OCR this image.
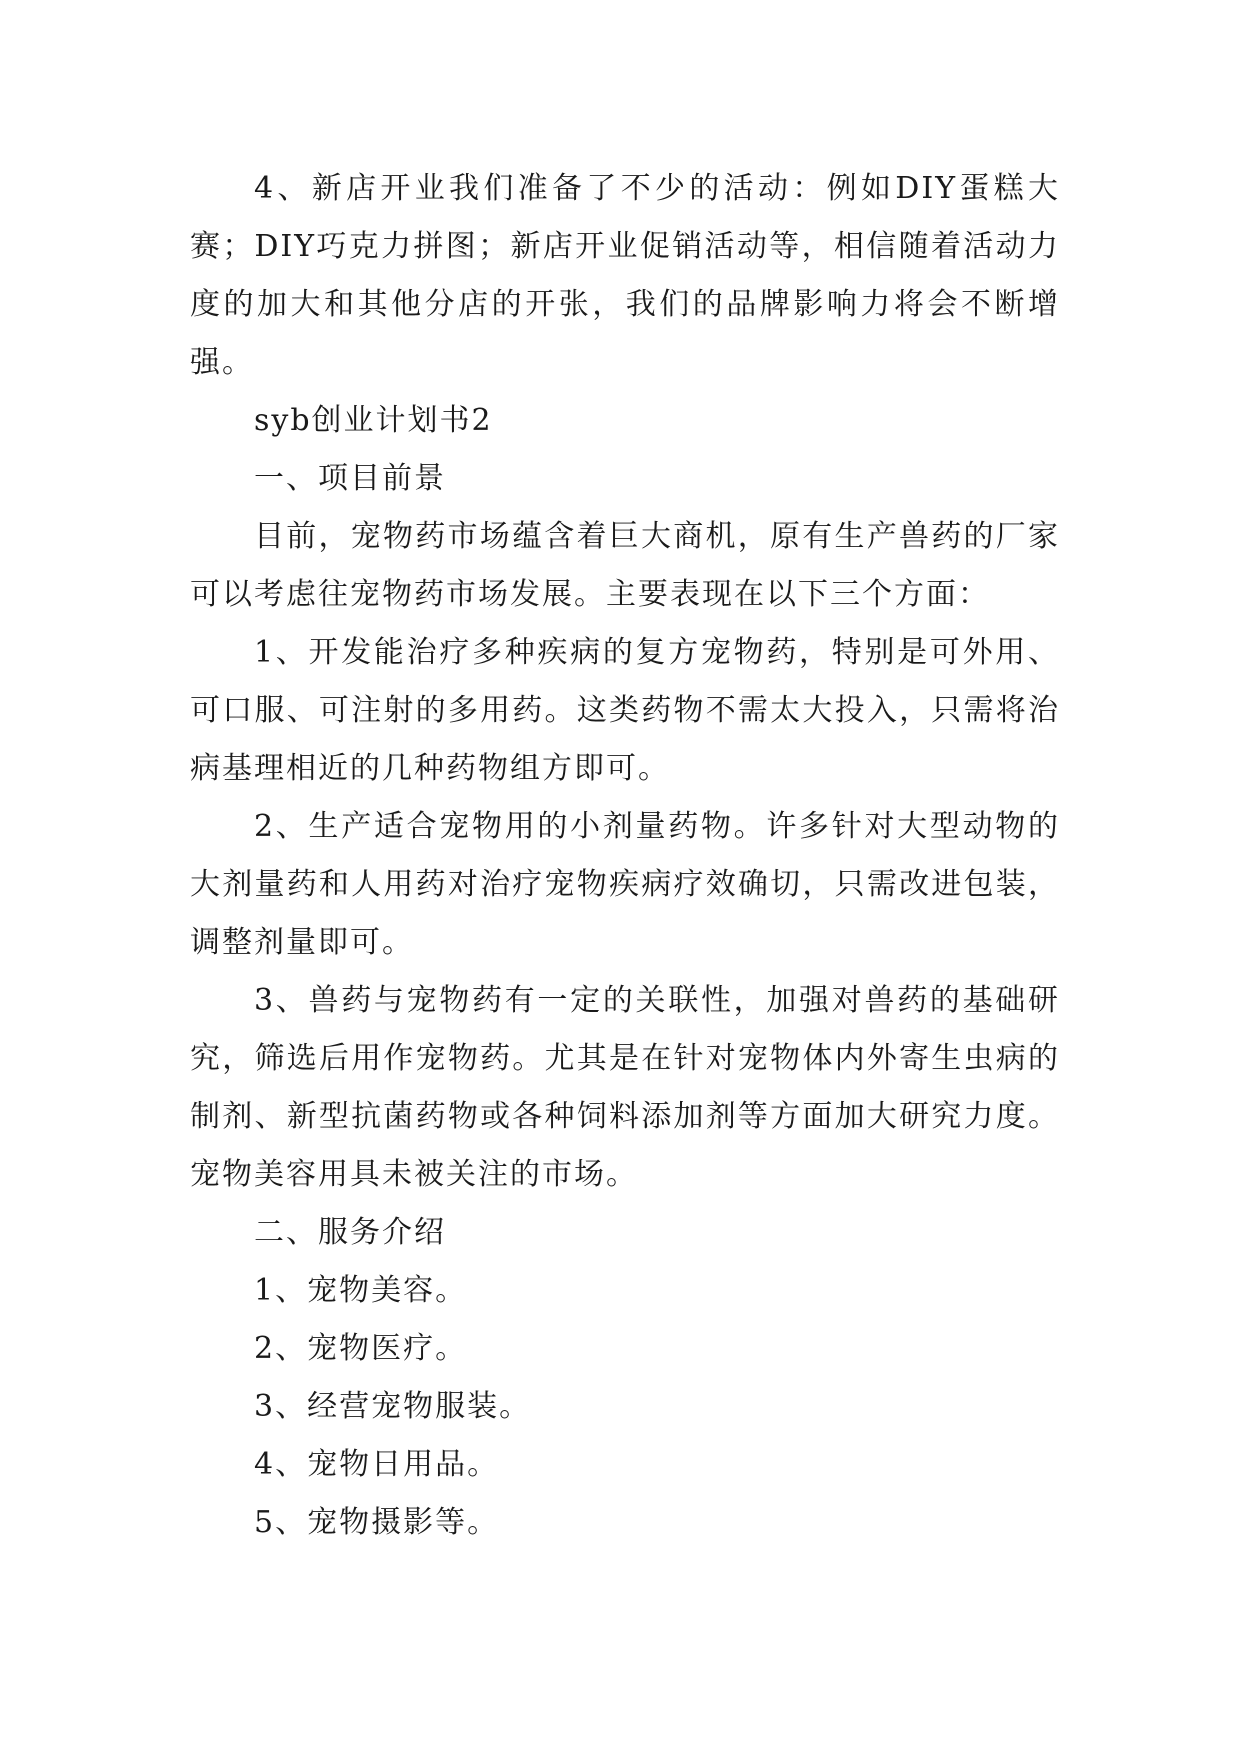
4、新店开业我们准备了不少的活动：例如DIY蛋糕大赛；DIY巧克力拼图；新店开业促销活动等，相信随着活动力度的加大和其他分店的开张，我们的品牌影响力将会不断增强。

syb创业计划书2

一、项目前景

目前，宠物药市场蕴含着巨大商机，原有生产兽药的厂家可以考虑往宠物药市场发展。主要表现在以下三个方面：

1、开发能治疗多种疾病的复方宠物药，特别是可外用、可口服、可注射的多用药。这类药物不需太大投入，只需将治病基理相近的几种药物组方即可。

2、生产适合宠物用的小剂量药物。许多针对大型动物的大剂量药和人用药对治疗宠物疾病疗效确切，只需改进包装，调整剂量即可。

3、兽药与宠物药有一定的关联性，加强对兽药的基础研究，筛选后用作宠物药。尤其是在针对宠物体内外寄生虫病的制剂、新型抗菌药物或各种饲料添加剂等方面加大研究力度。宠物美容用具未被关注的市场。

二、服务介绍

1、宠物美容。

2、宠物医疗。

3、经营宠物服装。

4、宠物日用品。

5、宠物摄影等。
